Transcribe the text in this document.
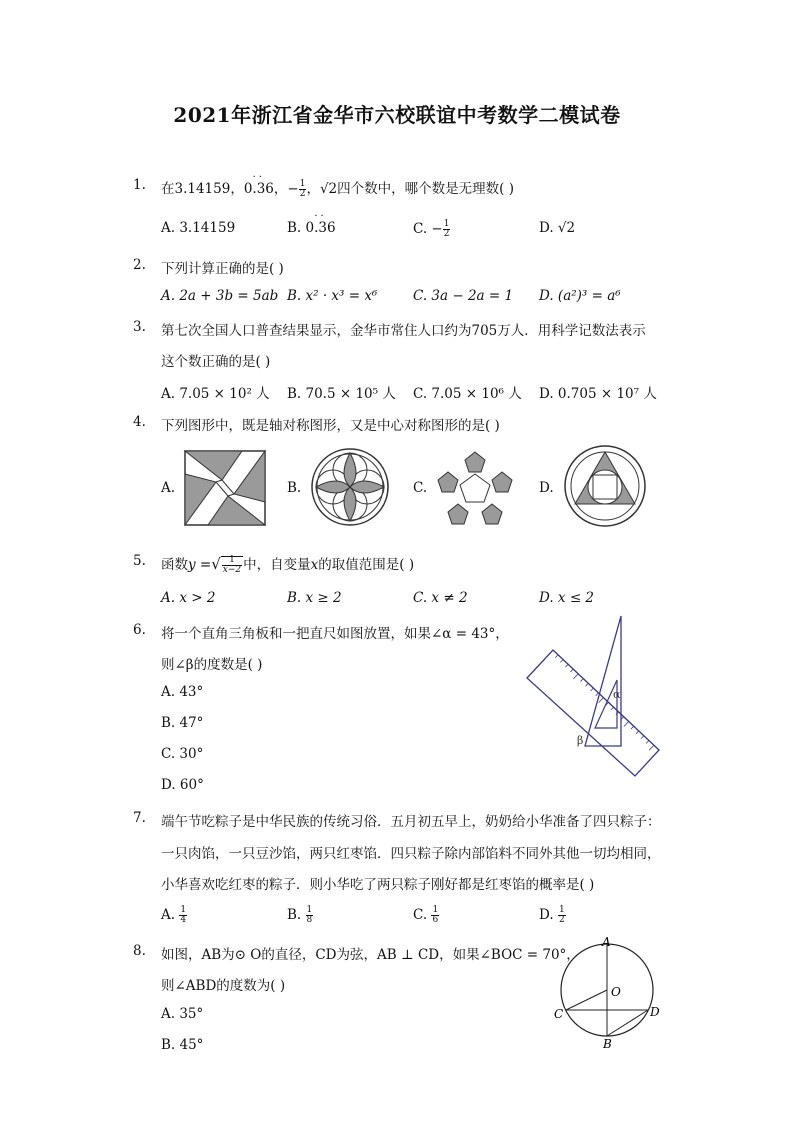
2021年浙江省金华市六校联谊中考数学二模试卷
1. 在3.14159，
··
0.36，− $\frac{1}{2}$ ，√2四个数中，哪个数是无理数( )
A. 3.14159	B.
··
0.36	C. − $\frac{1}{2}$	D. √2
2. 下列计算正确的是( )
A. 2a + 3b = 5ab B. x² · x³ = x⁶	C. 3a − 2a = 1 D. (a²)³ = a⁶
3. 第七次全国人口普查结果显示，金华市常住人口约为705万人．用科学记数法表示
这个数正确的是( )
A. 7.05 × 10² 人 B. 70.5 × 10⁵ 人 C. 7.05 × 10⁶ 人 D. 0.705 × 10⁷ 人
4. 下列图形中，既是轴对称图形，又是中心对称图形的是( )
A.	B.	C.	D.
5. 函数y =√ $\frac{1}{x-2}$ 中，自变量x的取值范围是( )
A. x > 2	B. x ≥ 2	C. x ≠ 2	D. x ≤ 2
6. 将一个直角三角板和一把直尺如图放置，如果∠α = 43°，
则∠β的度数是( )
A. 43°
B. 47°
C. 30°
D. 60°
α
β
7. 端午节吃粽子是中华民族的传统习俗．五月初五早上，奶奶给小华准备了四只粽子：
一只肉馅，一只豆沙馅，两只红枣馅．四只粽子除内部馅料不同外其他一切均相同，
小华喜欢吃红枣的粽子．则小华吃了两只粽子刚好都是红枣馅的概率是( )
A. $\frac{1}{4}$	B. $\frac{1}{8}$	C. $\frac{1}{6}$	D. $\frac{1}{2}$
8. 如图，AB为⊙ O的直径，CD为弦，AB ⊥ CD，如果∠BOC = 70°，
则∠ABD的度数为( )
A. 35°
B. 45°
A
O
C	D
B
